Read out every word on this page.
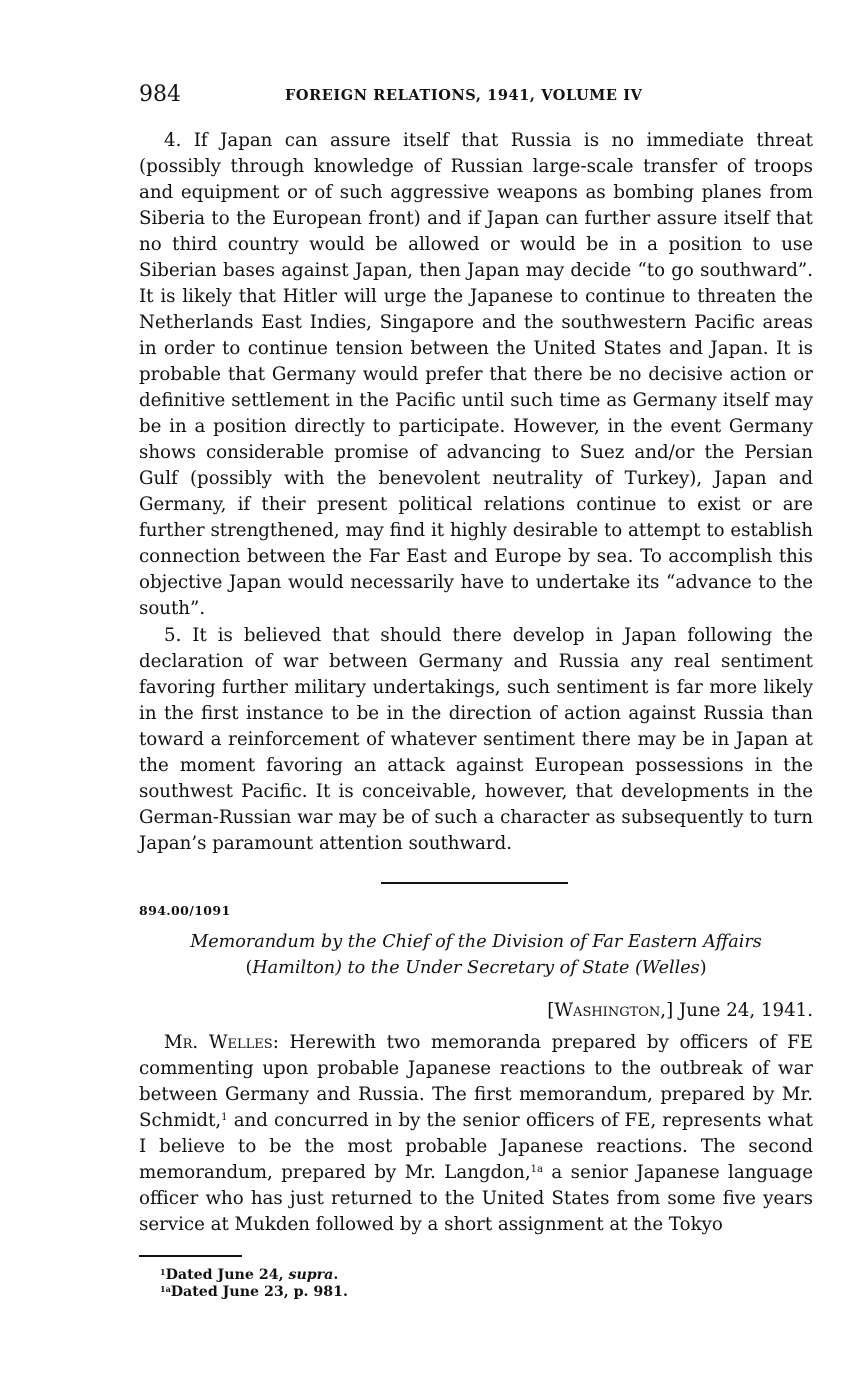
984	FOREIGN RELATIONS, 1941, VOLUME IV

4. If Japan can assure itself that Russia is no immediate threat (possibly through knowledge of Russian large-scale transfer of troops and equipment or of such aggressive weapons as bombing planes from Siberia to the European front) and if Japan can further assure itself that no third country would be allowed or would be in a position to use Siberian bases against Japan, then Japan may decide “to go southward”. It is likely that Hitler will urge the Japanese to continue to threaten the Netherlands East Indies, Singapore and the southwestern Pacific areas in order to continue tension between the United States and Japan. It is probable that Germany would prefer that there be no decisive action or definitive settlement in the Pacific until such time as Germany itself may be in a position directly to participate. However, in the event Germany shows considerable promise of advancing to Suez and/or the Persian Gulf (possibly with the benevolent neutrality of Turkey), Japan and Germany, if their present political relations continue to exist or are further strengthened, may find it highly desirable to attempt to establish connection between the Far East and Europe by sea. To accomplish this objective Japan would necessarily have to undertake its “advance to the south”.

5. It is believed that should there develop in Japan following the declaration of war between Germany and Russia any real sentiment favoring further military undertakings, such sentiment is far more likely in the first instance to be in the direction of action against Russia than toward a reinforcement of whatever sentiment there may be in Japan at the moment favoring an attack against European possessions in the southwest Pacific. It is conceivable, however, that developments in the German-Russian war may be of such a character as subsequently to turn Japan’s paramount attention southward.

894.00/1091
Memorandum by the Chief of the Division of Far Eastern Affairs
(Hamilton) to the Under Secretary of State (Welles)
[Washington,] June 24, 1941.

Mr. Welles: Herewith two memoranda prepared by officers of FE commenting upon probable Japanese reactions to the outbreak of war between Germany and Russia. The first memorandum, prepared by Mr. Schmidt,$^1$ and concurred in by the senior officers of FE, represents what I believe to be the most probable Japanese reactions. The second memorandum, prepared by Mr. Langdon,$^{1a}$ a senior Japanese language officer who has just returned to the United States from some five years service at Mukden followed by a short assignment at the Tokyo

$^1$Dated June 24, supra.
$^{1a}$Dated June 23, p. 981.
